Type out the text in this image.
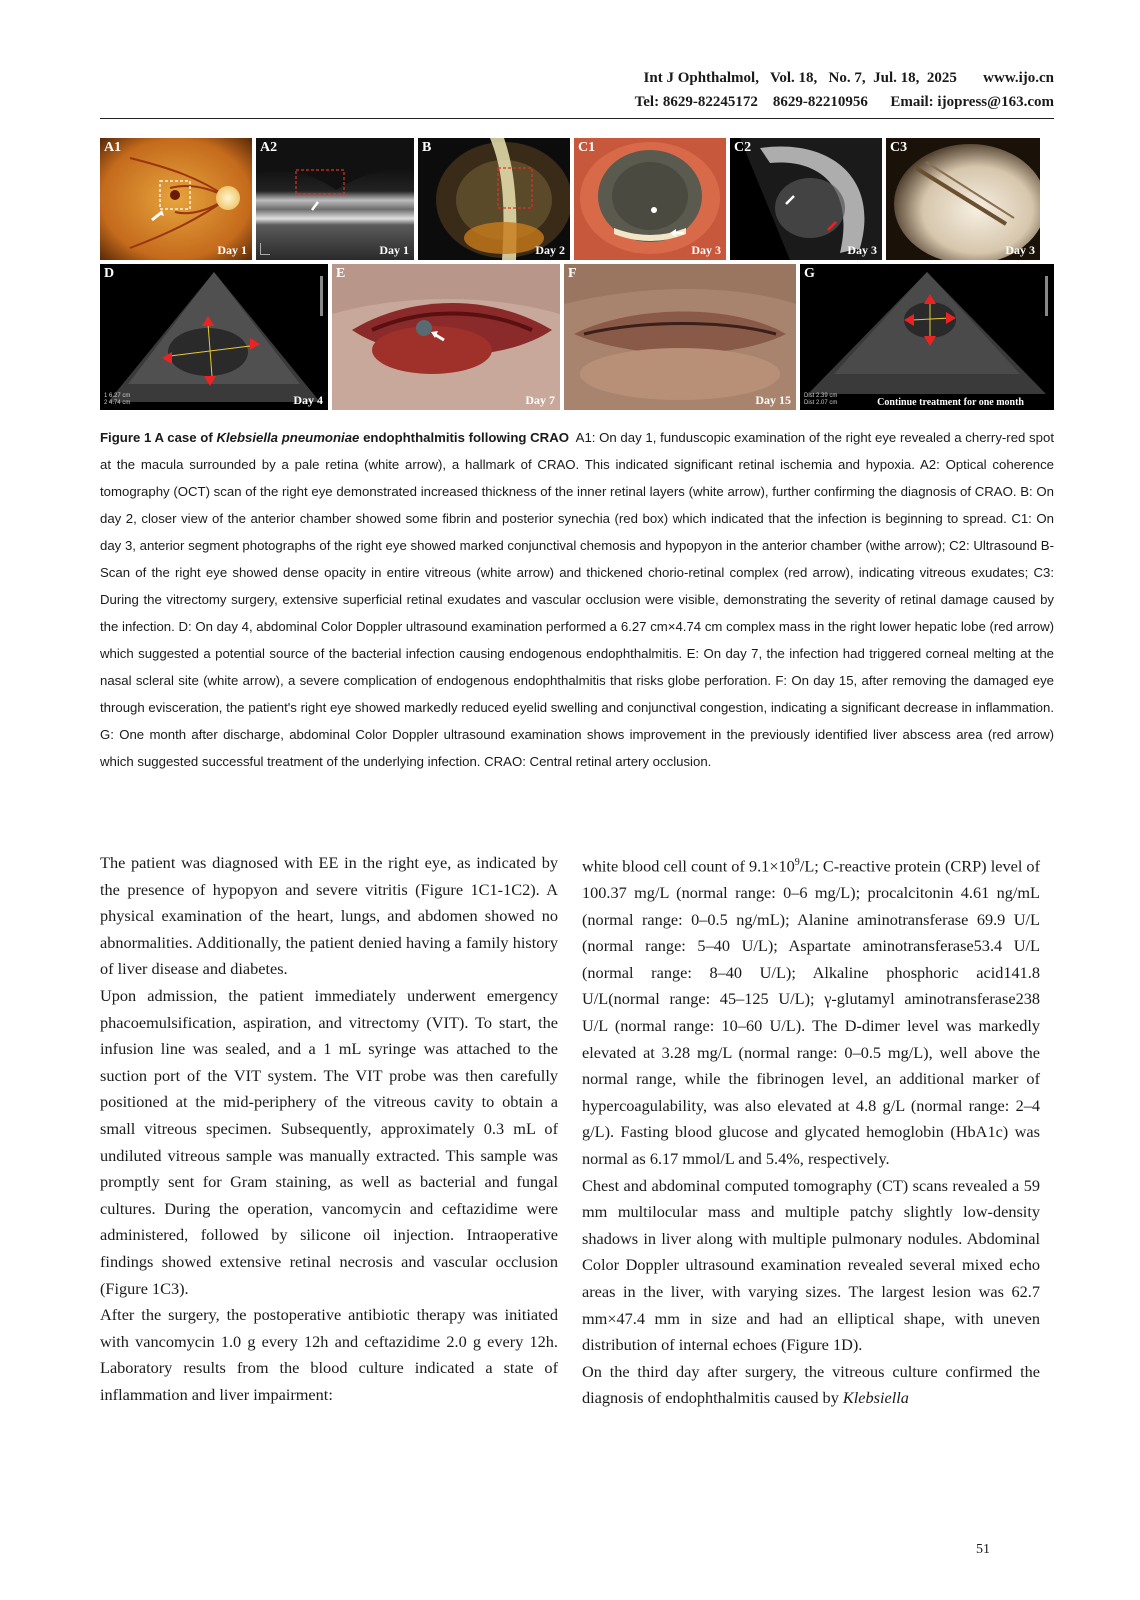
Int J Ophthalmol,   Vol. 18,   No. 7,  Jul. 18,  2025       www.ijo.cn
Tel: 8629-82245172    8629-82210956      Email: ijopress@163.com
A1
Day 1
A2
Day 1
B
Day 2
C1
Day 3
C2
Day 3
C3
Day 3
D
1 6.27 cm
2 4.74 cm	Day 4
E
Day 7
F
Day 15
G
Dist 2.39 cm
Dist 2.07 cm	Continue treatment for one month
Figure 1 A case of Klebsiella pneumoniae endophthalmitis following CRAO  A1: On day 1, funduscopic examination of the right eye revealed a cherry-red spot at the macula surrounded by a pale retina (white arrow), a hallmark of CRAO. This indicated significant retinal ischemia and hypoxia. A2: Optical coherence tomography (OCT) scan of the right eye demonstrated increased thickness of the inner retinal layers (white arrow), further confirming the diagnosis of CRAO. B: On day 2, closer view of the anterior chamber showed some fibrin and posterior synechia (red box) which indicated that the infection is beginning to spread. C1: On day 3, anterior segment photographs of the right eye showed marked conjunctival chemosis and hypopyon in the anterior chamber (withe arrow); C2: Ultrasound B-Scan of the right eye showed dense opacity in entire vitreous (white arrow) and thickened chorio-retinal complex (red arrow), indicating vitreous exudates; C3: During the vitrectomy surgery, extensive superficial retinal exudates and vascular occlusion were visible, demonstrating the severity of retinal damage caused by the infection. D: On day 4, abdominal Color Doppler ultrasound examination performed a 6.27 cm×4.74 cm complex mass in the right lower hepatic lobe (red arrow) which suggested a potential source of the bacterial infection causing endogenous endophthalmitis. E: On day 7, the infection had triggered corneal melting at the nasal scleral site (white arrow), a severe complication of endogenous endophthalmitis that risks globe perforation. F: On day 15, after removing the damaged eye through evisceration, the patient's right eye showed markedly reduced eyelid swelling and conjunctival congestion, indicating a significant decrease in inflammation. G: One month after discharge, abdominal Color Doppler ultrasound examination shows improvement in the previously identified liver abscess area (red arrow) which suggested successful treatment of the underlying infection. CRAO: Central retinal artery occlusion.

The patient was diagnosed with EE in the right eye, as indicated by the presence of hypopyon and severe vitritis (Figure 1C1-1C2). A physical examination of the heart, lungs, and abdomen showed no abnormalities. Additionally, the patient denied having a family history of liver disease and diabetes.

Upon admission, the patient immediately underwent emergency phacoemulsification, aspiration, and vitrectomy (VIT). To start, the infusion line was sealed, and a 1 mL syringe was attached to the suction port of the VIT system. The VIT probe was then carefully positioned at the mid-periphery of the vitreous cavity to obtain a small vitreous specimen. Subsequently, approximately 0.3 mL of undiluted vitreous sample was manually extracted. This sample was promptly sent for Gram staining, as well as bacterial and fungal cultures. During the operation, vancomycin and ceftazidime were administered, followed by silicone oil injection. Intraoperative findings showed extensive retinal necrosis and vascular occlusion (Figure 1C3).

After the surgery, the postoperative antibiotic therapy was initiated with vancomycin 1.0 g every 12h and ceftazidime 2.0 g every 12h. Laboratory results from the blood culture indicated a state of inflammation and liver impairment:

white blood cell count of $9.1\times 10^9/L$; C-reactive protein (CRP) level of 100.37 mg/L (normal range: 0–6 mg/L); procalcitonin 4.61 ng/mL (normal range: 0–0.5 ng/mL); Alanine aminotransferase 69.9 U/L (normal range: 5–40 U/L); Aspartate aminotransferase53.4 U/L (normal range: 8–40 U/L); Alkaline phosphoric acid141.8 U/L(normal range: 45–125 U/L); γ-glutamyl aminotransferase238 U/L (normal range: 10–60 U/L). The D-dimer level was markedly elevated at 3.28 mg/L (normal range: 0–0.5 mg/L), well above the normal range, while the fibrinogen level, an additional marker of hypercoagulability, was also elevated at 4.8 g/L (normal range: 2–4 g/L). Fasting blood glucose and glycated hemoglobin (HbA1c) was normal as 6.17 mmol/L and 5.4%, respectively.

Chest and abdominal computed tomography (CT) scans revealed a 59 mm multilocular mass and multiple patchy slightly low-density shadows in liver along with multiple pulmonary nodules. Abdominal Color Doppler ultrasound examination revealed several mixed echo areas in the liver, with varying sizes. The largest lesion was 62.7 mm×47.4 mm in size and had an elliptical shape, with uneven distribution of internal echoes (Figure 1D).

On the third day after surgery, the vitreous culture confirmed the diagnosis of endophthalmitis caused by Klebsiella

51
